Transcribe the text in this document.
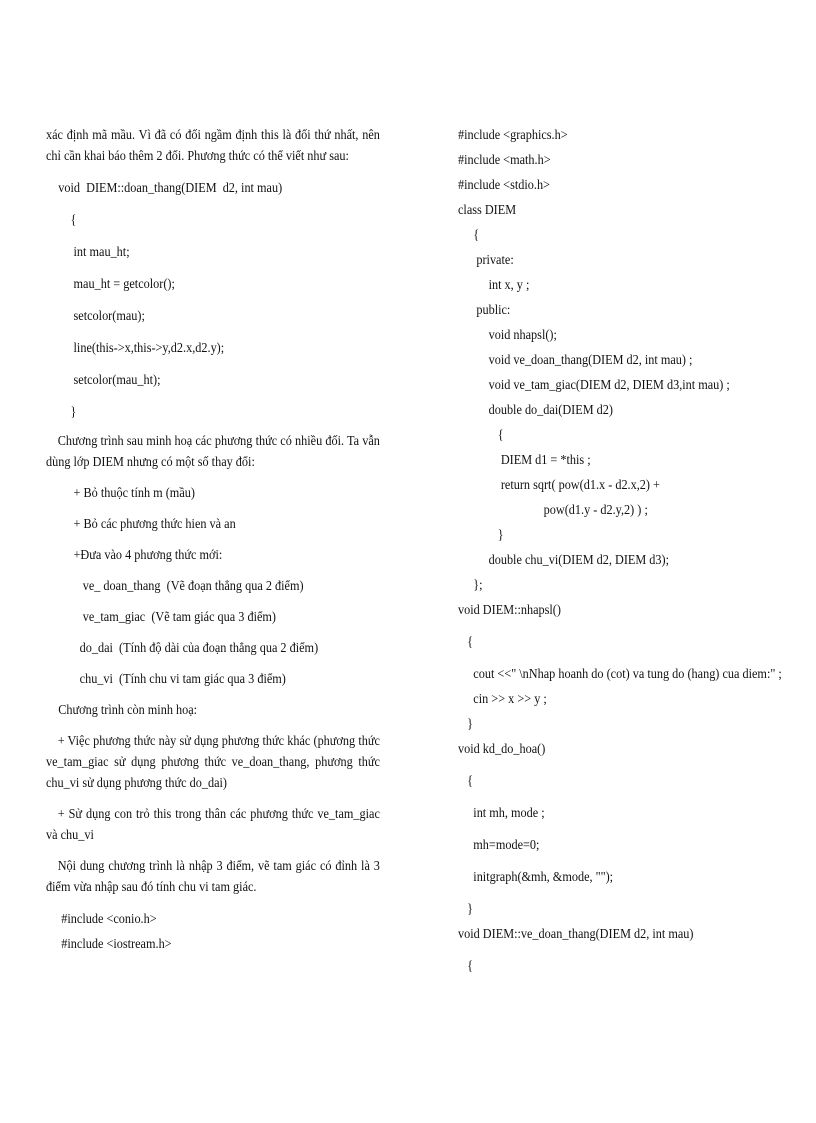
xác định mã mầu. Vì đã có đối ngầm định this là đối thứ nhất, nên chỉ cần khai báo thêm 2 đối. Phương thức có thể viết như sau:
void  DIEM::doan_thang(DIEM  d2, int mau)
{
int mau_ht;
mau_ht = getcolor();
setcolor(mau);
line(this->x,this->y,d2.x,d2.y);
setcolor(mau_ht);
}
Chương trình sau minh hoạ các phương thức có nhiều đối. Ta vẫn dùng lớp DIEM nhưng có một số thay đổi:
+ Bỏ thuộc tính m (mầu)
+ Bỏ các phương thức hien và an
+Đưa vào 4 phương thức mới:
ve_ doan_thang  (Vẽ đoạn thẳng qua 2 điểm)
ve_tam_giac  (Vẽ tam giác qua 3 điểm)
do_dai  (Tính độ dài của đoạn thẳng qua 2 điểm)
chu_vi  (Tính chu vi tam giác qua 3 điểm)
Chương trình còn minh hoạ:
+ Việc phương thức này sử dụng phương thức khác (phương thức ve_tam_giac sử dụng phương thức ve_doan_thang, phương thức chu_vi sử dụng phương thức do_dai)
+ Sử dụng con trỏ this trong thân các phương thức ve_tam_giac và chu_vi
Nội dung chương trình là nhập 3 điểm, vẽ tam giác có đỉnh là 3 điểm vừa nhập sau đó tính chu vi tam giác.
#include <conio.h>
#include <iostream.h>
#include <graphics.h>
#include <math.h>
#include <stdio.h>
class DIEM
{
private:
int x, y ;
public:
void nhapsl();
void ve_doan_thang(DIEM d2, int mau) ;
void ve_tam_giac(DIEM d2, DIEM d3,int mau) ;
double do_dai(DIEM d2)
{
DIEM d1 = *this ;
return sqrt( pow(d1.x - d2.x,2) +
pow(d1.y - d2.y,2) ) ;
}
double chu_vi(DIEM d2, DIEM d3);
};
void DIEM::nhapsl()
{
cout <<" \nNhap hoanh do (cot) va tung do (hang) cua diem:" ;
cin >> x >> y ;
}
void kd_do_hoa()
{
int mh, mode ;
mh=mode=0;
initgraph(&mh, &mode, "");
}
void DIEM::ve_doan_thang(DIEM d2, int mau)
{
